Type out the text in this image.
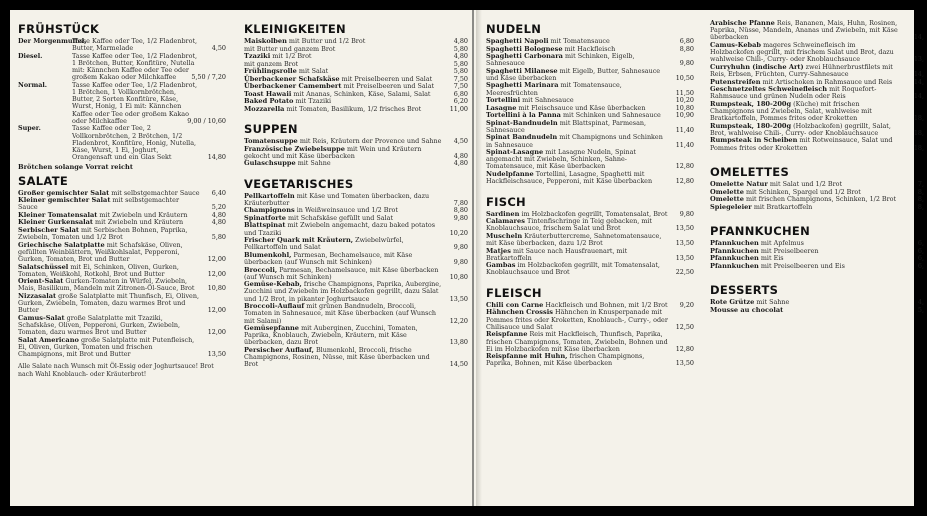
FRÜHSTÜCK
Der Morgenmuffel,
Tasse Kaffee oder Tee, 1/2 Fladenbrot, Butter, Marmelade	4,50
Diesel.	Tasse Kaffee oder Tee, 1/2 Fladenbrot, 1 Brötchen, Butter, Konfitüre, Nutella mit: Kännchen Kaffee oder Tee oder großem Kakao oder Milchkaffee 5,50 / 7,20
Normal.	Tasse Kaffee oder Tee, 1/2 Fladenbrot, 1 Brötchen, 1 Vollkornbrötchen, Butter, 2 Sorten Konfitüre, Käse, Wurst, Honig, 1 Ei mit: Kännchen Kaffee oder Tee oder großem Kakao oder Milchkaffee	9,00 / 10,60
Super.	Tasse Kaffee oder Tee, 2 Vollkornbrötchen, 2 Brötchen, 1/2 Fladenbrot, Konfitüre, Honig, Nutella, Käse, Wurst, 1 Ei, Joghurt, Orangensaft und ein Glas Sekt	14,80
Brötchen solange Vorrat reicht
SALATE
Großer gemischter Salat mit selbstgemachter Sauce 6,40
Kleiner gemischter Salat mit selbstgemachter Sauce	5,20
Kleiner Tomatensalat mit Zwiebeln und Kräutern	4,80
Kleiner Gurkensalat mit Zwiebeln und Kräutern	4,80
Serbischer Salat mit Serbischen Bohnen, Paprika, Zwiebeln, Tomaten und 1/2 Brot	5,80
Griechische Salatplatte mit Schafskäse, Oliven, gefüllten Weinblättern, Weißkohlsalat, Pepperoni, Gurken, Tomaten, Brot und Butter	12,00
Salatschüssel mit Ei, Schinken, Oliven, Gurken, Tomaten, Weißkohl, Rotkohl, Brot und Butter	12,00
Orient-Salat Gurken-Tomaten in Würfel, Zwiebeln, Mais, Basilikum, Mandeln mit Zitronen-Öl-Sauce, Brot 10,80
Nizzasalat große Salatplatte mit Thunfisch, Ei, Oliven, Gurken, Zwiebeln, Tomaten, dazu warmes Brot und Butter	12,00
Camus-Salat große Salatplatte mit Tzaziki, Schafskäse, Oliven, Pepperoni, Gurken, Zwiebeln, Tomaten, dazu warmes Brot und Butter	12,00
Salat Americano große Salatplatte mit Putenfleisch, Ei, Oliven, Gurken, Tomaten und frischen Champignons, mit Brot und Butter	13,50
Alle Salate nach Wunsch mit Öl-Essig oder Joghurtsauce! Brot nach Wahl Knoblauch- oder Kräuterbrot!
KLEINIGKEITEN
Maiskolben mit Butter und 1/2 Brot	4,80
mit Butter und ganzem Brot	5,80
Tzaziki mit 1/2 Brot	4,80
mit ganzem Brot	5,80
Frühlingsrolle mit Salat	5,80
Überbackener Schafskäse mit Preiselbeeren und Salat	7,50
Überbackener Camembert mit Preiselbeeren und Salat	7,50
Toast Hawaii mit Ananas, Schinken, Käse, Salami, Salat	6,80
Baked Potato mit Tzaziki	6,20
Mozzarella mit Tomaten, Basilikum, 1/2 frisches Brot	11,00
SUPPEN
Tomatensuppe mit Reis, Kräutern der Provence und Sahne 4,50
Französische Zwiebelsuppe mit Wein und Kräutern gekocht und mit Käse überbacken	4,80
Gulaschsuppe mit Sahne	4,80
VEGETARISCHES
Pellkartoffeln mit Käse und Tomaten überbacken, dazu Kräuterbutter	7,80
Champignons in Weißweinsauce und 1/2 Brot	8,80
Spinatforte mit Schafskäse gefüllt und Salat	9,80
Blattspinat mit Zwiebeln angemacht, dazu baked potatos und Tzaziki	10,20
Frischer Quark mit Kräutern, Zwiebelwürfel, Pellkartoffeln und Salat	9,80
Blumenkohl, Parmesan, Bechamelsauce, mit Käse überbacken (auf Wunsch mit Schinken)	9,80
Broccoli, Parmesan, Bechamelsauce, mit Käse überbacken (auf Wunsch mit Schinken)	10,80
Gemüse-Kebab, frische Champignons, Paprika, Aubergine, Zucchini und Zwiebeln im Holzbackofen gegrillt, dazu Salat und 1/2 Brot, in pikanter Joghurtsauce	13,50
Broccoli-Auflauf mit grünen Bandnudeln, Broccoli, Tomaten in Sahnesauce, mit Käse überbacken (auf Wunsch mit Salami)	12,20
Gemüsepfanne mit Auberginen, Zucchini, Tomaten, Paprika, Knoblauch, Zwiebeln, Kräutern, mit Käse überbacken, dazu Brot	13,80
Persischer Auflauf, Blumenkohl, Broccoli, frische Champignons, Rosinen, Nüsse, mit Käse überbacken und Brot	14,50
NUDELN
Spaghetti Napoli mit Tomatensauce	6,80
Spaghetti Bolognese mit Hackfleisch	8,80
Spaghetti Carbonara mit Schinken, Eigelb, Sahnesauce	9,80
Spaghetti Milanese mit Eigelb, Butter, Sahnesauce und Käse überbacken	10,50
Spaghetti Marinara mit Tomatensauce, Meeresfrüchten	11,50
Tortellini mit Sahnesauce	10,20
Lasagne mit Fleischsauce und Käse überbacken	10,80
Tortellini à la Panna mit Schinken und Sahnesauce 10,90
Spinat-Bandnudeln mit Blattspinat, Parmesan, Sahnesauce	11,40
Spinat Bandnudeln mit Champignons und Schinken in Sahnesauce	11,40
Spinat-Lasagne mit Lasagne Nudeln, Spinat angemacht mit Zwiebeln, Schinken, Sahne-Tomatensauce, mit Käse überbacken	12,80
Nudelpfanne Tortellini, Lasagne, Spaghetti mit Hackfleischsauce, Pepperoni, mit Käse überbacken	12,80
FISCH
Sardinen im Holzbackofen gegrillt, Tomatensalat, Brot 9,80
Calamares Tintenfischringe in Teig gebacken, mit Knoblauchsauce, frischem Salat und Brot	13,50
Muscheln Kräuterbuttercreme, Sahnetomatensauce, mit Käse überbacken, dazu 1/2 Brot	13,50
Matjes mit Sauce nach Hausfrauenart, mit Bratkartoffeln	13,50
Gambas im Holzbackofen gegrillt, mit Tomatensalat, Knoblauchsauce und Brot	22,50
FLEISCH
Chili con Carne Hackfleisch und Bohnen, mit 1/2 Brot 9,20
Hähnchen Crossis Hähnchen in Knusperpanade mit Pommes frites oder Kroketten, Knoblauch-, Curry-, oder Chilisauce und Salat	12,50
Reispfanne Reis mit Hackfleisch, Thunfisch, Paprika, frischen Champignons, Tomaten, Zwiebeln, Bohnen und Ei im Holzbackofen mit Käse überbacken	12,80
Reispfanne mit Huhn, frischen Champignons, Paprika, Bohnen, mit Käse überbacken	13,50
Arabische Pfanne Reis, Bananen, Mais, Huhn, Rosinen, Paprika, Nüsse, Mandeln, Ananas und Zwiebeln, mit Käse überbacken	14,
Camus-Kebab mageres Schweinefleisch im Holzbackofen gegrillt, mit frischem Salat und Brot, dazu wahlweise Chili-, Curry- oder Knoblauchsauce	13,
Curryhuhn (indische Art) zwei Hühnerbrustfilets mit Reis, Erbsen, Früchten, Curry-Sahnesauce	14,
Putenstreifen mit Artischoken in Rahmsauce und Reis	14,
Geschnetzeltes Schweinefleisch mit Roquefort-Rahmsauce und grünen Nudeln oder Reis	14,
Rumpsteak, 180-200g (Küche) mit frischen Champignons und Zwiebeln, Salat, wahlweise mit Bratkartoffeln, Pommes frites oder Kroketten	18,
Rumpsteak, 180-200g (Holzbackofen) gegrillt, Salat, Brot, wahlweise Chili-, Curry- oder Knoblauchsauce	18,
Rumpsteak in Scheiben mit Rotweinsauce, Salat und Pommes frites oder Kroketten	18,
OMELETTES
Omelette Natur mit Salat und 1/2 Brot	7,
Omelette mit Schinken, Spargel und 1/2 Brot	8,
Omelette mit frischen Champignons, Schinken, 1/2 Brot	8,
Spiegeleier mit Bratkartoffeln	8,
PFANNKUCHEN
Pfannkuchen mit Apfelmus	6,
Pfannkuchen mit Preiselbeeren	6,
Pfannkuchen mit Eis	6,
Pfannkuchen mit Preiselbeeren und Eis	6,
DESSERTS
Rote Grütze mit Sahne	4,
Mousse au chocolat	5,
